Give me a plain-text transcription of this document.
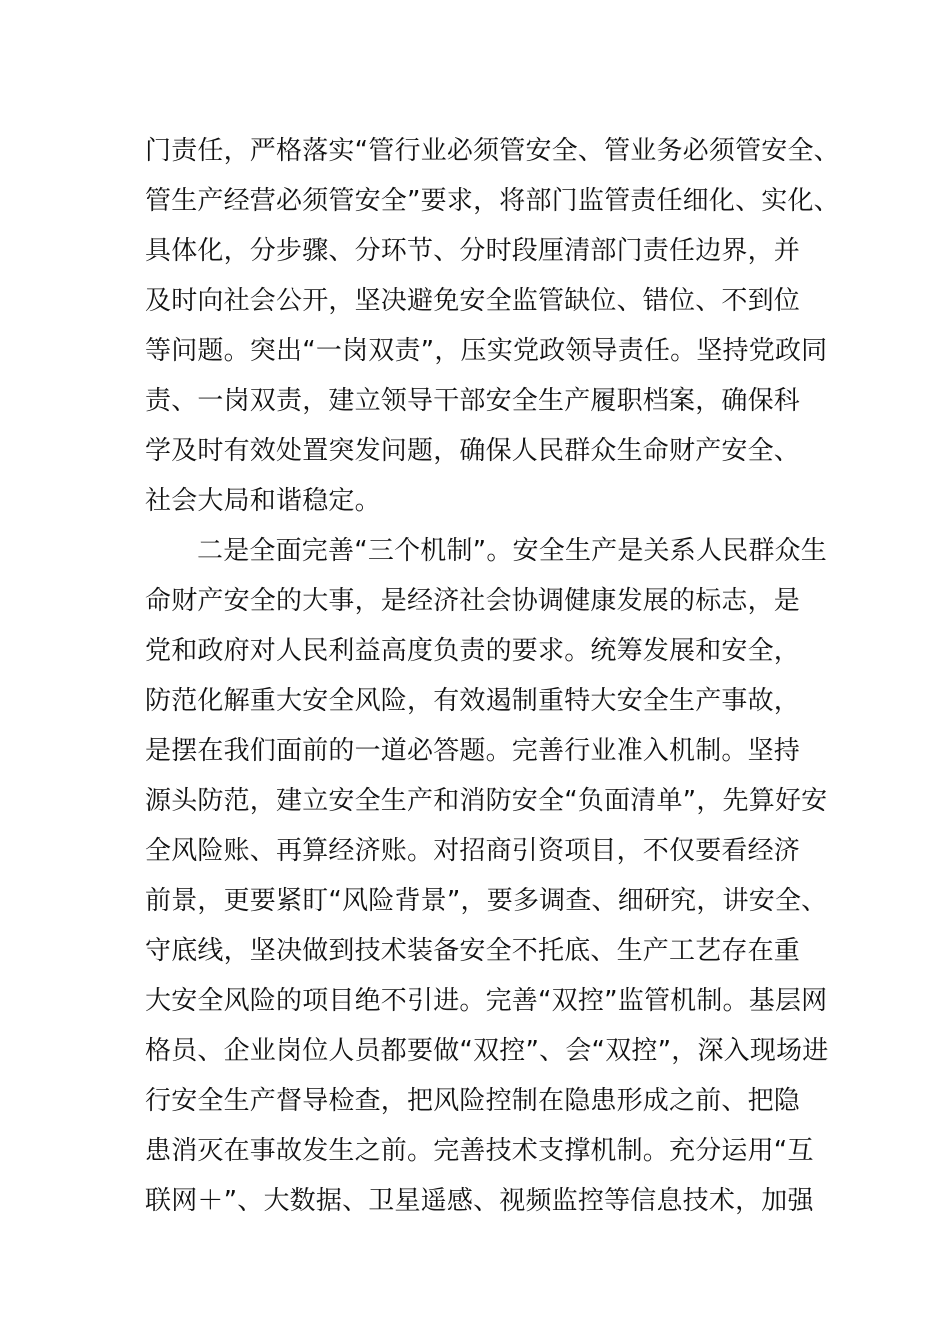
门责任，严格落实“管行业必须管安全、管业务必须管安全、
管生产经营必须管安全”要求，将部门监管责任细化、实化、
具体化，分步骤、分环节、分时段厘清部门责任边界，并
及时向社会公开，坚决避免安全监管缺位、错位、不到位
等问题。突出“一岗双责”，压实党政领导责任。坚持党政同
责、一岗双责，建立领导干部安全生产履职档案，确保科
学及时有效处置突发问题，确保人民群众生命财产安全、
社会大局和谐稳定。
二是全面完善“三个机制”。安全生产是关系人民群众生
命财产安全的大事，是经济社会协调健康发展的标志，是
党和政府对人民利益高度负责的要求。统筹发展和安全，
防范化解重大安全风险，有效遏制重特大安全生产事故，
是摆在我们面前的一道必答题。完善行业准入机制。坚持
源头防范，建立安全生产和消防安全“负面清单”，先算好安
全风险账、再算经济账。对招商引资项目，不仅要看经济
前景，更要紧盯“风险背景”，要多调查、细研究，讲安全、
守底线，坚决做到技术装备安全不托底、生产工艺存在重
大安全风险的项目绝不引进。完善“双控”监管机制。基层网
格员、企业岗位人员都要做“双控”、会“双控”，深入现场进
行安全生产督导检查，把风险控制在隐患形成之前、把隐
患消灭在事故发生之前。完善技术支撑机制。充分运用“互
联网＋”、大数据、卫星遥感、视频监控等信息技术，加强
